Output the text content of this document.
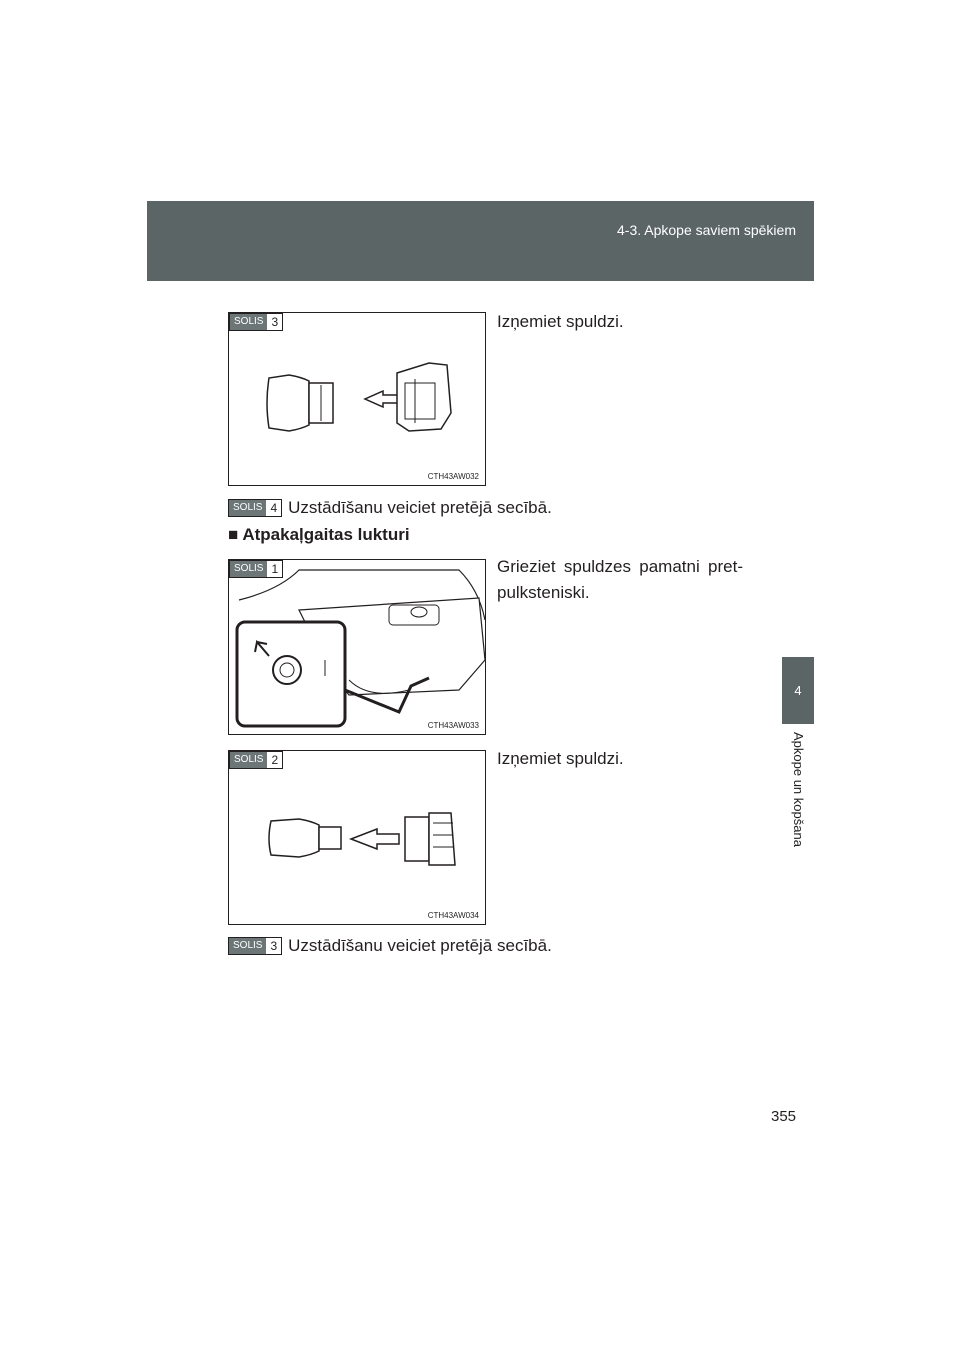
4-3. Apkope saviem spēkiem
4
Apkope un kopšana
SOLIS 3
CTH43AW032
Izņemiet spuldzi.
SOLIS 4 Uzstādīšanu veiciet pretējā secībā.
■ Atpakaļgaitas lukturi
SOLIS 1
CTH43AW033
Grieziet spuldzes pamatni pret-pulksteniski.
SOLIS 2
CTH43AW034
Izņemiet spuldzi.
SOLIS 3 Uzstādīšanu veiciet pretējā secībā.
355
